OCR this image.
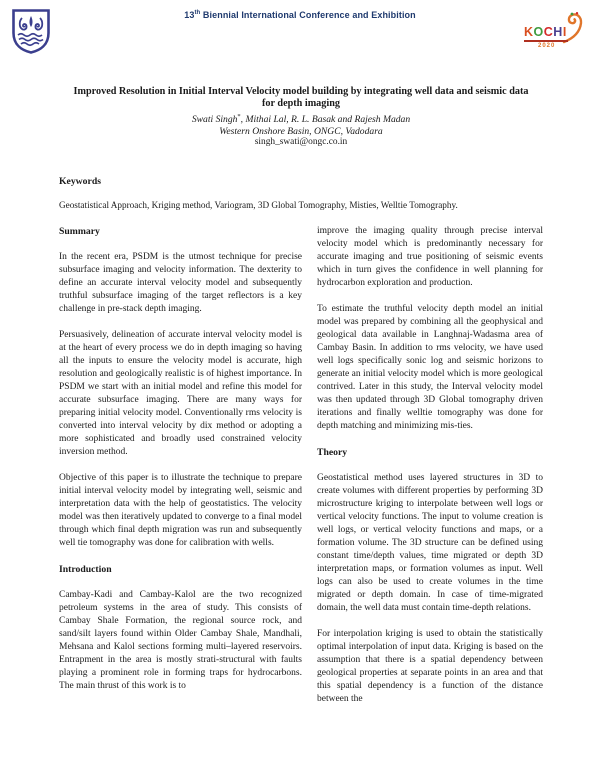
13th Biennial International Conference and Exhibition
KOCHI
2020
Improved Resolution in Initial Interval Velocity model building by integrating well data and seismic data
for depth imaging
Swati Singh*, Mithai Lal, R. L. Basak and Rajesh Madan
Western Onshore Basin, ONGC, Vadodara
singh_swati@ongc.co.in
Keywords
Geostatistical Approach, Kriging method, Variogram, 3D Global Tomography, Misties, Welltie Tomography.
Summary

In the recent era, PSDM is the utmost technique for precise subsurface imaging and velocity information. The dexterity to define an accurate interval velocity model and subsequently truthful subsurface imaging of the target reflectors is a key challenge in pre-stack depth imaging.

Persuasively, delineation of accurate interval velocity model is at the heart of every process we do in depth imaging so having all the inputs to ensure the velocity model is accurate, high resolution and geologically realistic is of highest importance. In PSDM we start with an initial model and refine this model for accurate subsurface imaging. There are many ways for preparing initial velocity model. Conventionally rms velocity is converted into interval velocity by dix method or adopting a more sophisticated and broadly used constrained velocity inversion method.

Objective of this paper is to illustrate the technique to prepare initial interval velocity model by integrating well, seismic and interpretation data with the help of geostatistics. The velocity model was then iteratively updated to converge to a final model through which final depth migration was run and subsequently well tie tomography was done for calibration with wells.

Introduction

Cambay-Kadi and Cambay-Kalol are the two recognized petroleum systems in the area of study. This consists of Cambay Shale Formation, the regional source rock, and sand/silt layers found within Older Cambay Shale, Mandhali, Mehsana and Kalol sections forming multi–layered reservoirs. Entrapment in the area is mostly strati-structural with faults playing a prominent role in forming traps for hydrocarbons. The main thrust of this work is to

improve the imaging quality through precise interval velocity model which is predominantly necessary for accurate imaging and true positioning of seismic events which in turn gives the confidence in well planning for hydrocarbon exploration and production.

To estimate the truthful velocity depth model an initial model was prepared by combining all the geophysical and geological data available in Langhnaj-Wadasma area of Cambay Basin. In addition to rms velocity, we have used well logs specifically sonic log and seismic horizons to generate an initial velocity model which is more geological contrived. Later in this study, the Interval velocity model was then updated through 3D Global tomography driven iterations and finally welltie tomography was done for depth matching and minimizing mis-ties.

Theory

Geostatistical method uses layered structures in 3D to create volumes with different properties by performing 3D microstructure kriging to interpolate between well logs or vertical velocity functions. The input to volume creation is well logs, or vertical velocity functions and maps, or a formation volume. The 3D structure can be defined using constant time/depth values, time migrated or depth 3D interpretation maps, or formation volumes as input. Well logs can also be used to create volumes in the time migrated or depth domain. In case of time-migrated domain, the well data must contain time-depth relations.

For interpolation kriging is used to obtain the statistically optimal interpolation of input data. Kriging is based on the assumption that there is a spatial dependency between geological properties at separate points in an area and that this spatial dependency is a function of the distance between the
